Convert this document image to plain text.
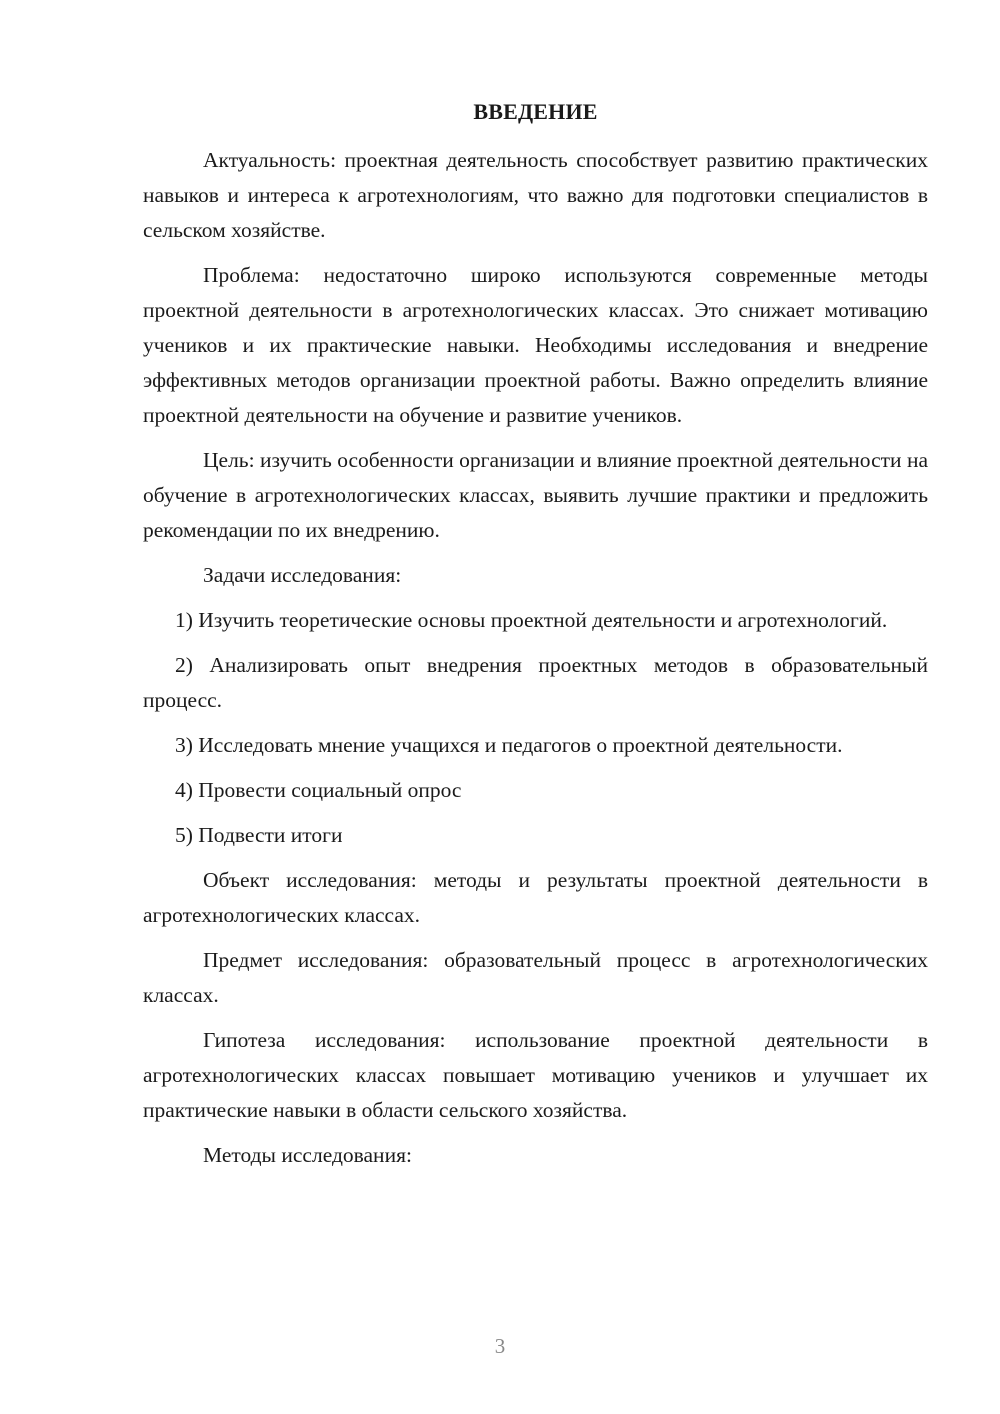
ВВЕДЕНИЕ

Актуальность: проектная деятельность способствует развитию практических навыков и интереса к агротехнологиям, что важно для подготовки специалистов в сельском хозяйстве.

Проблема: недостаточно широко используются современные методы проектной деятельности в агротехнологических классах. Это снижает мотивацию учеников и их практические навыки. Необходимы исследования и внедрение эффективных методов организации проектной работы. Важно определить влияние проектной деятельности на обучение и развитие учеников.

Цель: изучить особенности организации и влияние проектной деятельности на обучение в агротехнологических классах, выявить лучшие практики и предложить рекомендации по их внедрению.

Задачи исследования:

1) Изучить теоретические основы проектной деятельности и агротехнологий.

2) Анализировать опыт внедрения проектных методов в образовательный процесс.

3) Исследовать мнение учащихся и педагогов о проектной деятельности.

4) Провести социальный опрос

5) Подвести итоги

Объект исследования: методы и результаты проектной деятельности в агротехнологических классах.

Предмет исследования: образовательный процесс в агротехнологических классах.

Гипотеза исследования: использование проектной деятельности в агротехнологических классах повышает мотивацию учеников и улучшает их практические навыки в области сельского хозяйства.

Методы исследования:

3
